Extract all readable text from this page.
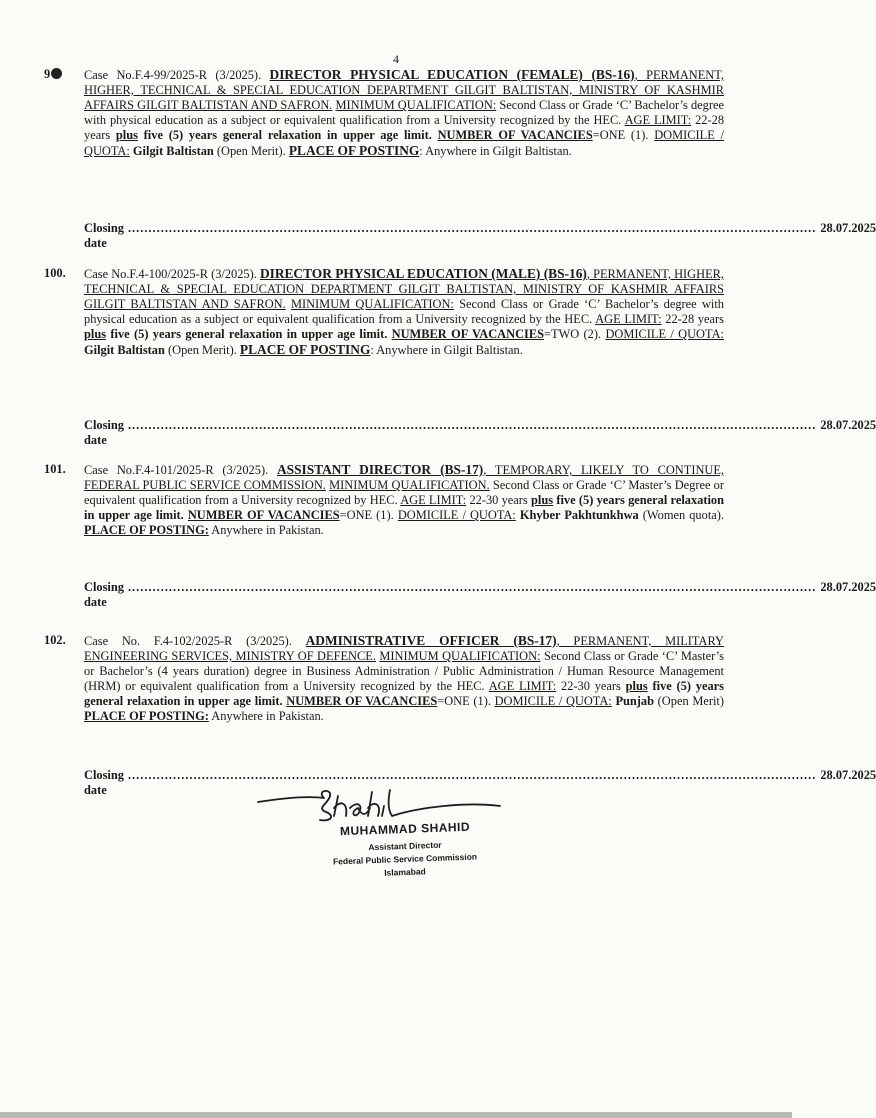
4
9	Case No.F.4-99/2025-R (3/2025). DIRECTOR PHYSICAL EDUCATION (FEMALE) (BS-16), PERMANENT, HIGHER, TECHNICAL & SPECIAL EDUCATION DEPARTMENT GILGIT BALTISTAN, MINISTRY OF KASHMIR AFFAIRS GILGIT BALTISTAN AND SAFRON. MINIMUM QUALIFICATION: Second Class or Grade ‘C’ Bachelor’s degree with physical education as a subject or equivalent qualification from a University recognized by the HEC. AGE LIMIT: 22-28 years plus five (5) years general relaxation in upper age limit. NUMBER OF VACANCIES=ONE (1). DOMICILE / QUOTA: Gilgit Baltistan (Open Merit). PLACE OF POSTING: Anywhere in Gilgit Baltistan.
Closing date
........................................................................................................................................................................ 28.07.2025
100.	Case No.F.4-100/2025-R (3/2025). DIRECTOR PHYSICAL EDUCATION (MALE) (BS-16), PERMANENT, HIGHER, TECHNICAL & SPECIAL EDUCATION DEPARTMENT GILGIT BALTISTAN, MINISTRY OF KASHMIR AFFAIRS GILGIT BALTISTAN AND SAFRON. MINIMUM QUALIFICATION: Second Class or Grade ‘C’ Bachelor’s degree with physical education as a subject or equivalent qualification from a University recognized by the HEC. AGE LIMIT: 22-28 years plus five (5) years general relaxation in upper age limit. NUMBER OF VACANCIES=TWO (2). DOMICILE / QUOTA: Gilgit Baltistan (Open Merit). PLACE OF POSTING: Anywhere in Gilgit Baltistan.
Closing date
........................................................................................................................................................................ 28.07.2025
101.	Case No.F.4-101/2025-R (3/2025). ASSISTANT DIRECTOR (BS-17), TEMPORARY, LIKELY TO CONTINUE, FEDERAL PUBLIC SERVICE COMMISSION. MINIMUM QUALIFICATION. Second Class or Grade ‘C’ Master’s Degree or equivalent qualification from a University recognized by HEC. AGE LIMIT: 22-30 years plus five (5) years general relaxation in upper age limit. NUMBER OF VACANCIES=ONE (1). DOMICILE / QUOTA: Khyber Pakhtunkhwa (Women quota). PLACE OF POSTING: Anywhere in Pakistan.
Closing date
........................................................................................................................................................................ 28.07.2025
102.	Case No. F.4-102/2025-R (3/2025). ADMINISTRATIVE OFFICER (BS-17), PERMANENT, MILITARY ENGINEERING SERVICES, MINISTRY OF DEFENCE. MINIMUM QUALIFICATION: Second Class or Grade ‘C’ Master’s or Bachelor’s (4 years duration) degree in Business Administration / Public Administration / Human Resource Management (HRM) or equivalent qualification from a University recognized by the HEC. AGE LIMIT: 22-30 years plus five (5) years general relaxation in upper age limit. NUMBER OF VACANCIES=ONE (1). DOMICILE / QUOTA: Punjab (Open Merit) PLACE OF POSTING: Anywhere in Pakistan.
Closing date
........................................................................................................................................................................ 28.07.2025
MUHAMMAD SHAHID
Assistant Director
Federal Public Service Commission
Islamabad
